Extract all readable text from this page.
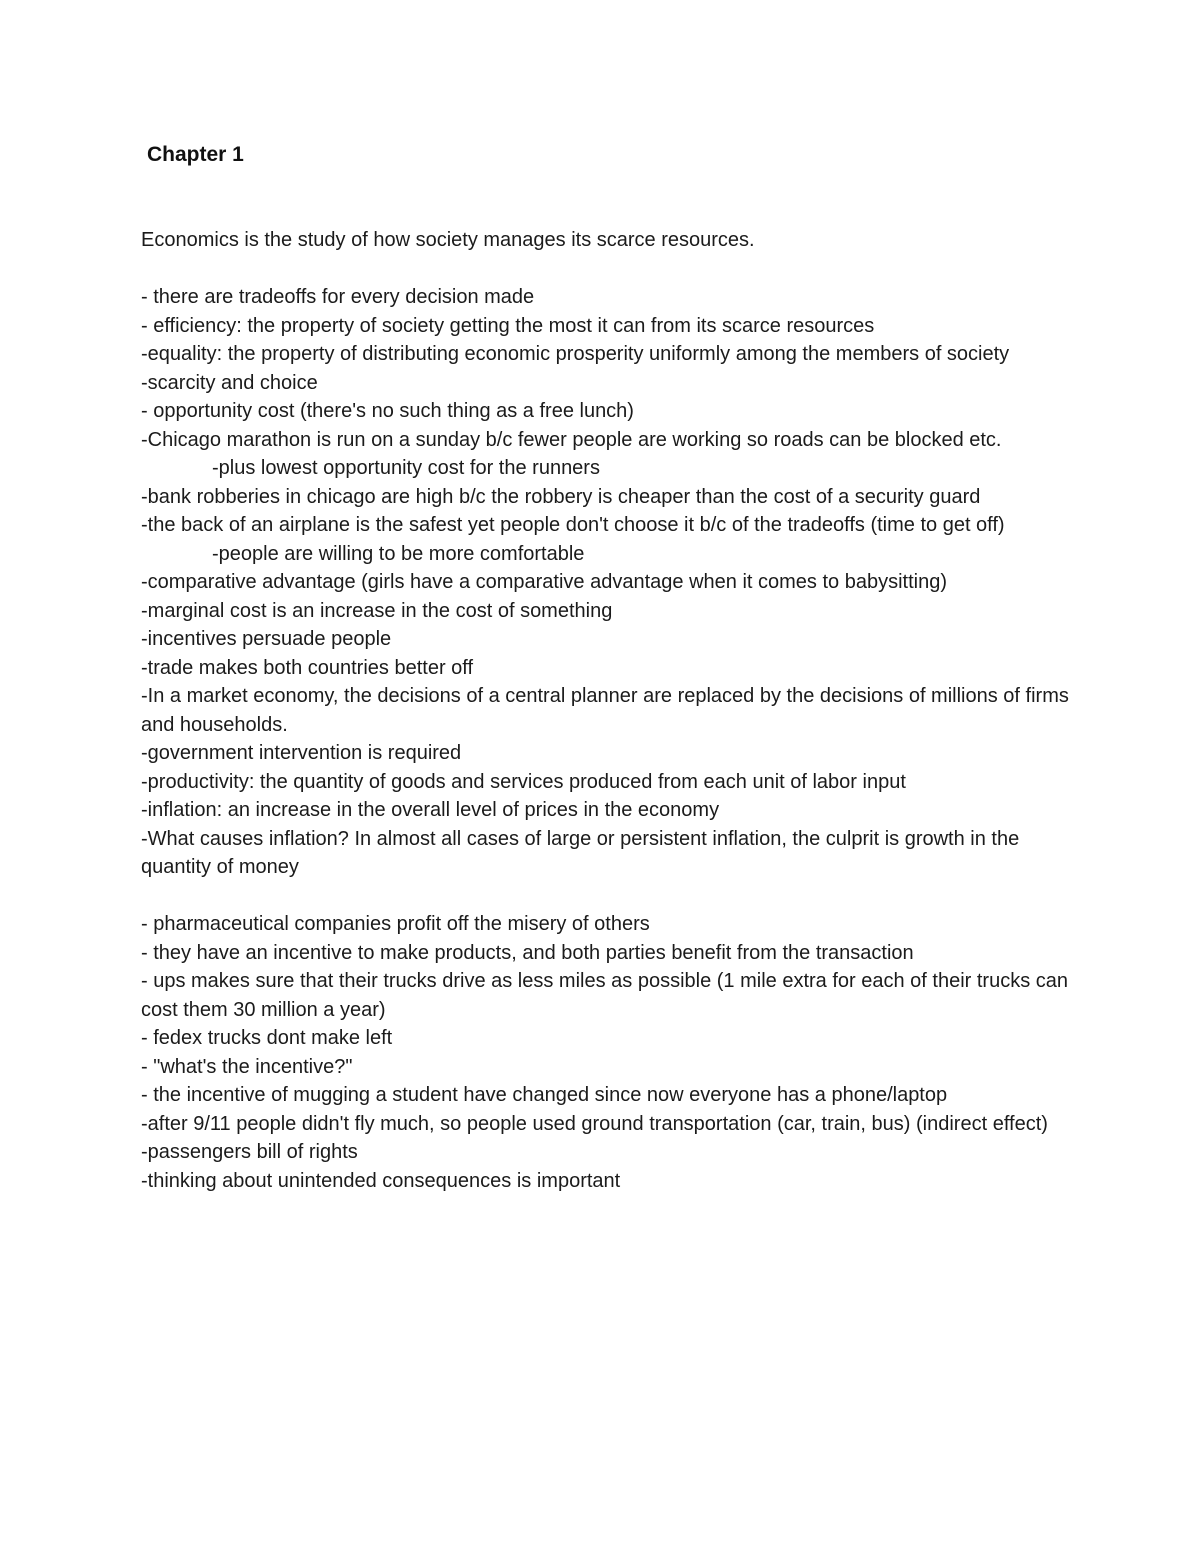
Chapter 1
Economics is the study of how society manages its scarce resources.
- there are tradeoffs for every decision made
- efficiency: the property of society getting the most it can from its scarce resources
-equality: the property of distributing economic prosperity uniformly among the members of society
-scarcity and choice
- opportunity cost (there's no such thing as a free lunch)
-Chicago marathon is run on a sunday b/c fewer people are working so roads can be blocked etc.
-plus lowest opportunity cost for the runners
-bank robberies in chicago are high b/c the robbery is cheaper than the cost of a security guard
-the back of an airplane is the safest yet people don't choose it b/c of the tradeoffs (time to get off)
-people are willing to be more comfortable
-comparative advantage (girls have a comparative advantage when it comes to babysitting)
-marginal cost is an increase in the cost of something
-incentives persuade people
-trade makes both countries better off
-In a market economy, the decisions of a central planner are replaced by the decisions of millions of firms and households.
-government intervention is required
-productivity: the quantity of goods and services produced from each unit of labor input
-inflation: an increase in the overall level of prices in the economy
-What causes inflation? In almost all cases of large or persistent inflation, the culprit is growth in the quantity of money
- pharmaceutical companies profit off the misery of others
- they have an incentive to make products, and both parties benefit from the transaction
- ups makes sure that their trucks drive as less miles as possible (1 mile extra for each of their trucks can cost them 30 million a year)
- fedex trucks dont make left
- "what's the incentive?"
- the incentive of mugging a student have changed since now everyone has a phone/laptop
-after 9/11 people didn't fly much, so people used ground transportation (car, train, bus) (indirect effect)
-passengers bill of rights
-thinking about unintended consequences is important
